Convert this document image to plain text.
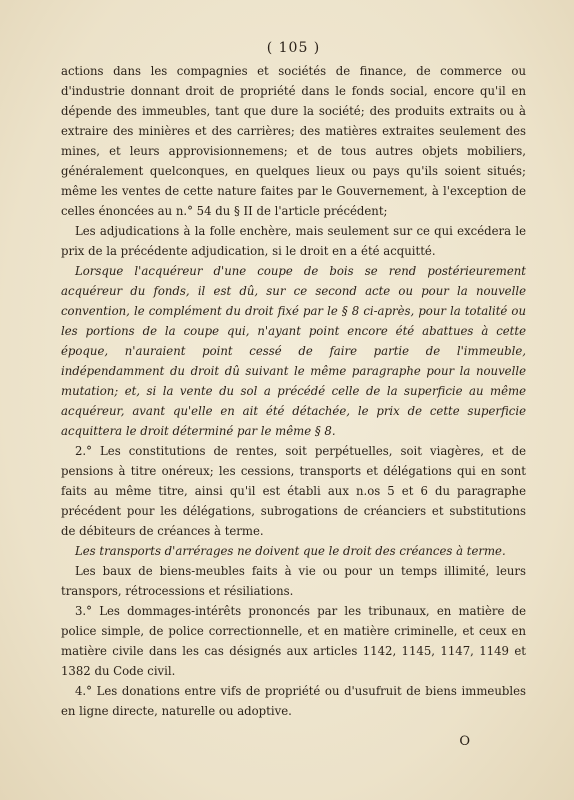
( 105 )

actions dans les compagnies et sociétés de finance, de commerce ou d'industrie donnant droit de propriété dans le fonds social, encore qu'il en dépende des immeubles, tant que dure la société; des produits extraits ou à extraire des minières et des carrières; des matières extraites seulement des mines, et leurs approvisionnemens; et de tous autres objets mobiliers, généralement quelconques, en quelques lieux ou pays qu'ils soient situés; même les ventes de cette nature faites par le Gouvernement, à l'exception de celles énoncées au n.° 54 du § II de l'article précédent;

Les adjudications à la folle enchère, mais seulement sur ce qui excédera le prix de la précédente adjudication, si le droit en a été acquitté.

Lorsque l'acquéreur d'une coupe de bois se rend postérieurement acquéreur du fonds, il est dû, sur ce second acte ou pour la nouvelle convention, le complément du droit fixé par le § 8 ci-après, pour la totalité ou les portions de la coupe qui, n'ayant point encore été abattues à cette époque, n'auraient point cessé de faire partie de l'immeuble, indépendamment du droit dû suivant le même paragraphe pour la nouvelle mutation; et, si la vente du sol a précédé celle de la superficie au même acquéreur, avant qu'elle en ait été détachée, le prix de cette superficie acquittera le droit déterminé par le même § 8.

2.° Les constitutions de rentes, soit perpétuelles, soit viagères, et de pensions à titre onéreux; les cessions, transports et délégations qui en sont faits au même titre, ainsi qu'il est établi aux n.os 5 et 6 du paragraphe précédent pour les délégations, subrogations de créanciers et substitutions de débiteurs de créances à terme.

Les transports d'arrérages ne doivent que le droit des créances à terme.

Les baux de biens-meubles faits à vie ou pour un temps illimité, leurs transpors, rétrocessions et résiliations.

3.° Les dommages-intérêts prononcés par les tribunaux, en matière de police simple, de police correctionnelle, et en matière criminelle, et ceux en matière civile dans les cas désignés aux articles 1142, 1145, 1147, 1149 et 1382 du Code civil.

4.° Les donations entre vifs de propriété ou d'usufruit de biens immeubles en ligne directe, naturelle ou adoptive.

O
